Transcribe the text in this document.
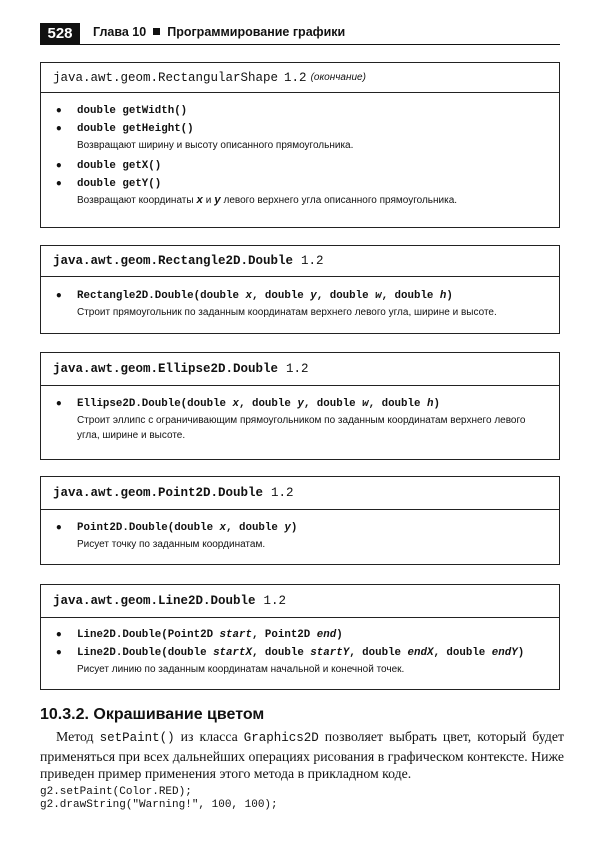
528	Глава 10 Программирование графики
java.awt.geom.RectangularShape 1.2 (окончание)
• double getWidth()
• double getHeight()
Возвращают ширину и высоту описанного прямоугольника.
• double getX()
• double getY()
Возвращают координаты x и y левого верхнего угла описанного прямоугольника.
java.awt.geom.Rectangle2D.Double 1.2
• Rectangle2D.Double(double x, double y, double w, double h)
Строит прямоугольник по заданным координатам верхнего левого угла, ширине и высоте.
java.awt.geom.Ellipse2D.Double 1.2
• Ellipse2D.Double(double x, double y, double w, double h)
Строит эллипс с ограничивающим прямоугольником по заданным координатам верхнего левого угла, ширине и высоте.
java.awt.geom.Point2D.Double 1.2
• Point2D.Double(double x, double y)
Рисует точку по заданным координатам.
java.awt.geom.Line2D.Double 1.2
• Line2D.Double(Point2D start, Point2D end)
• Line2D.Double(double startX, double startY, double endX, double endY)
Рисует линию по заданным координатам начальной и конечной точек.
10.3.2. Окрашивание цветом
Метод setPaint() из класса Graphics2D позволяет выбрать цвет, который будет применяться при всех дальнейших операциях рисования в графическом контексте. Ниже приведен пример применения этого метода в прикладном коде.
g2.setPaint(Color.RED);
g2.drawString("Warning!", 100, 100);
